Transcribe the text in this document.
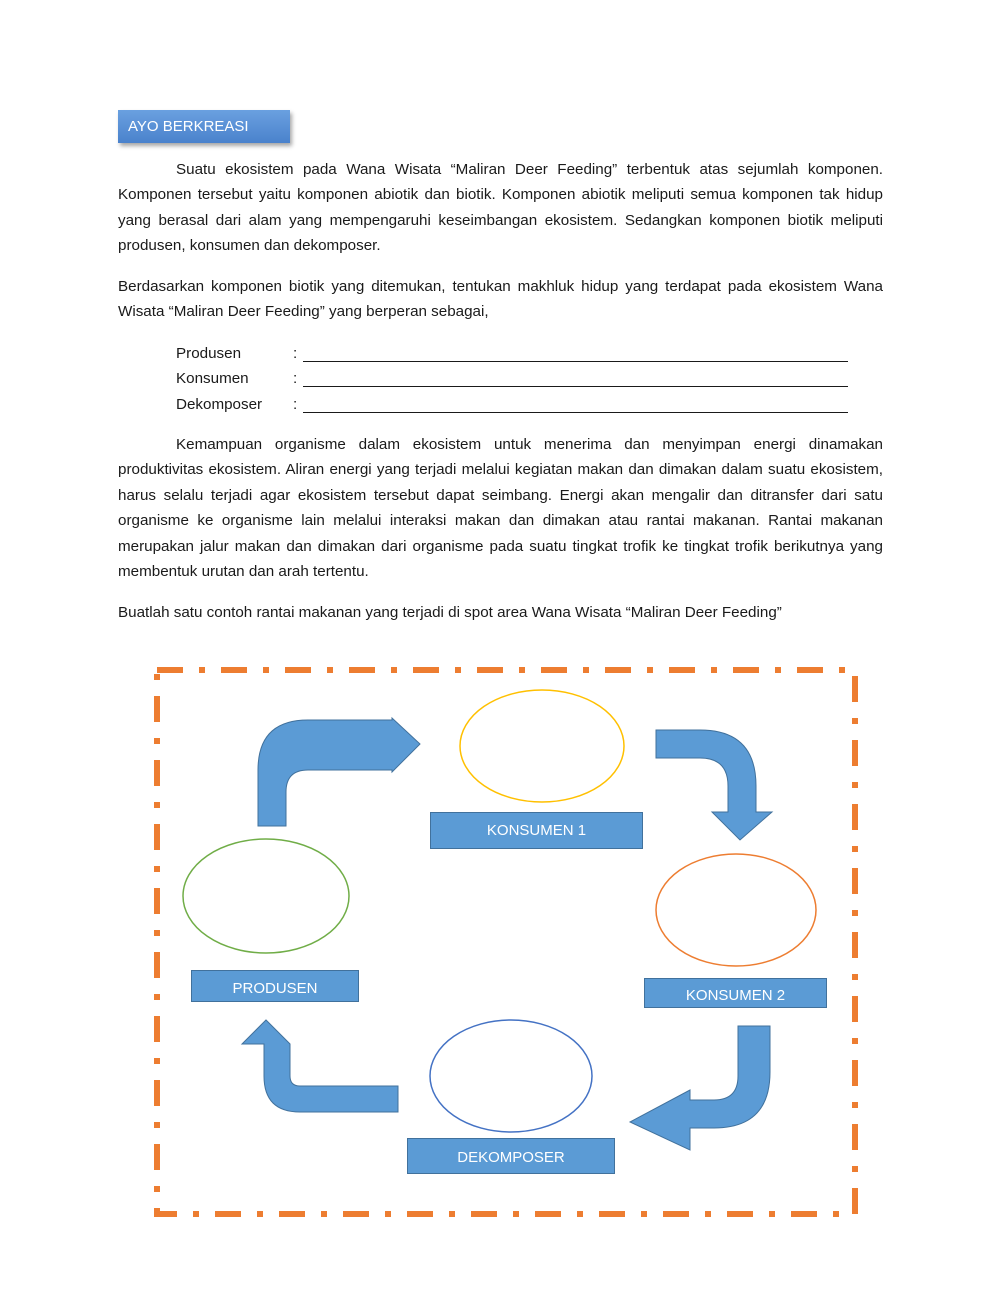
AYO BERKREASI

Suatu ekosistem pada Wana Wisata “Maliran Deer Feeding” terbentuk atas sejumlah komponen. Komponen tersebut yaitu komponen abiotik dan biotik. Komponen abiotik meliputi semua komponen tak hidup yang berasal dari alam yang mempengaruhi keseimbangan ekosistem. Sedangkan komponen biotik meliputi produsen, konsumen dan dekomposer.

Berdasarkan komponen biotik yang ditemukan, tentukan makhluk hidup yang terdapat pada ekosistem Wana Wisata “Maliran Deer Feeding” yang berperan sebagai,

Produsen	:
Konsumen	:
Dekomposer	:

Kemampuan organisme dalam ekosistem untuk menerima dan menyimpan energi dinamakan produktivitas ekosistem. Aliran energi yang terjadi melalui kegiatan makan dan dimakan dalam suatu ekosistem, harus selalu terjadi agar ekosistem tersebut dapat seimbang. Energi akan mengalir dan ditransfer dari satu organisme ke organisme lain melalui interaksi makan dan dimakan atau rantai makanan. Rantai makanan merupakan jalur makan dan dimakan dari organisme pada suatu tingkat trofik ke tingkat trofik berikutnya yang membentuk urutan dan arah tertentu.

Buatlah satu contoh rantai makanan yang terjadi di spot area Wana Wisata “Maliran Deer Feeding”

KONSUMEN 1
KONSUMEN 2
PRODUSEN
DEKOMPOSER
